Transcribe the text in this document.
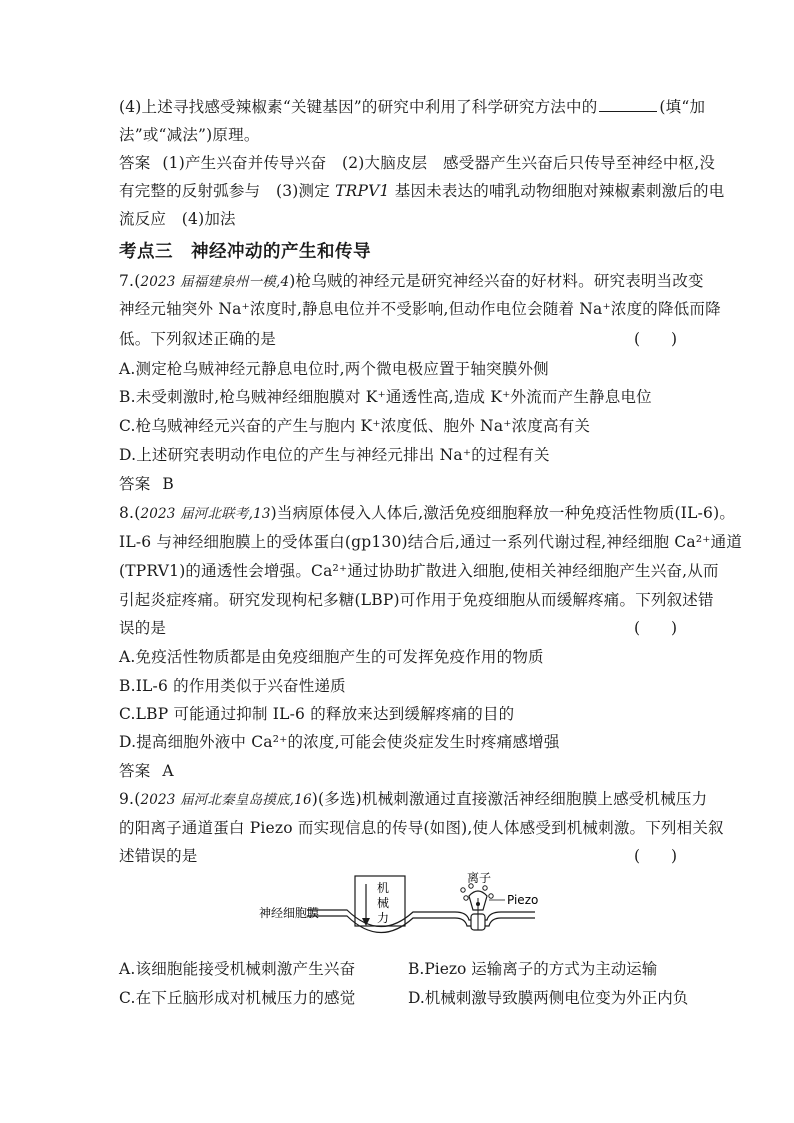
(4)上述寻找感受辣椒素“关键基因”的研究中利用了科学研究方法中的	(填“加
法”或“减法”)原理。
答案 (1)产生兴奋并传导兴奋　(2)大脑皮层　感受器产生兴奋后只传导至神经中枢,没
有完整的反射弧参与　(3)测定 TRPV1 基因未表达的哺乳动物细胞对辣椒素刺激后的电
流反应　(4)加法
考点三　神经冲动的产生和传导
7.(2023 届福建泉州一模,4)枪乌贼的神经元是研究神经兴奋的好材料。研究表明当改变
神经元轴突外 Na⁺浓度时,静息电位并不受影响,但动作电位会随着 Na⁺浓度的降低而降
低。下列叙述正确的是	(　　)
A.测定枪乌贼神经元静息电位时,两个微电极应置于轴突膜外侧
B.未受刺激时,枪乌贼神经细胞膜对 K⁺通透性高,造成 K⁺外流而产生静息电位
C.枪乌贼神经元兴奋的产生与胞内 K⁺浓度低、胞外 Na⁺浓度高有关
D.上述研究表明动作电位的产生与神经元排出 Na⁺的过程有关
答案 B
8.(2023 届河北联考,13)当病原体侵入人体后,激活免疫细胞释放一种免疫活性物质(IL-6)。
IL-6 与神经细胞膜上的受体蛋白(gp130)结合后,通过一系列代谢过程,神经细胞 Ca²⁺通道
(TPRV1)的通透性会增强。Ca²⁺通过协助扩散进入细胞,使相关神经细胞产生兴奋,从而
引起炎症疼痛。研究发现枸杞多糖(LBP)可作用于免疫细胞从而缓解疼痛。下列叙述错
误的是	(　　)
A.免疫活性物质都是由免疫细胞产生的可发挥免疫作用的物质
B.IL-6 的作用类似于兴奋性递质
C.LBP 可能通过抑制 IL-6 的释放来达到缓解疼痛的目的
D.提高细胞外液中 Ca²⁺的浓度,可能会使炎症发生时疼痛感增强
答案 A
9.(2023 届河北秦皇岛摸底,16)(多选)机械刺激通过直接激活神经细胞膜上感受机械压力
的阳离子通道蛋白 Piezo 而实现信息的传导(如图),使人体感受到机械刺激。下列相关叙
述错误的是	(　　)
机
械
力
神经细胞膜
Piezo
离子
A.该细胞能接受机械刺激产生兴奋	B.Piezo 运输离子的方式为主动运输
C.在下丘脑形成对机械压力的感觉	D.机械刺激导致膜两侧电位变为外正内负
